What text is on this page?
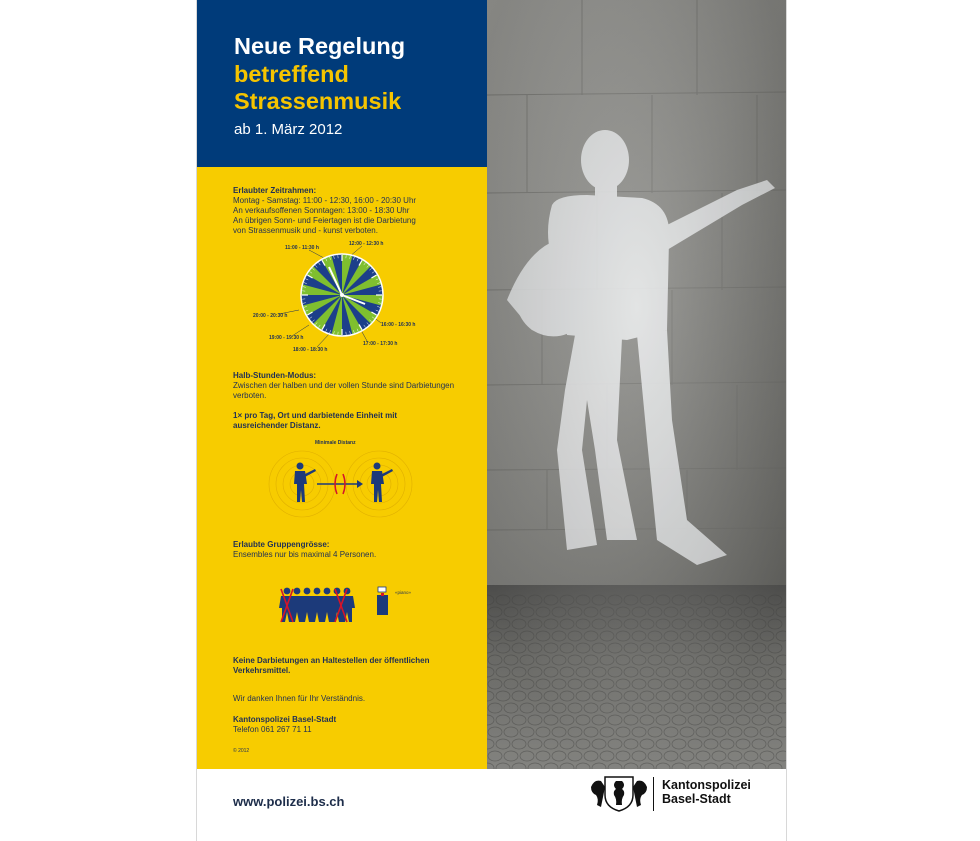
Neue Regelung
betreffend
Strassenmusik
ab 1. März 2012
Erlaubter Zeitrahmen:
Montag - Samstag: 11:00 - 12:30, 16:00 - 20:30 Uhr
An verkaufsoffenen Sonntagen: 13:00 - 18:30 Uhr
An übrigen Sonn- und Feiertagen ist die Darbietung
von Strassenmusik und - kunst verboten.
11:00 - 11:30 h
12:00 - 12:30 h
16:00 - 16:30 h
17:00 - 17:30 h
18:00 - 18:30 h
19:00 - 19:30 h
20:00 - 20:30 h
Halb-Stunden-Modus:
Zwischen der halben und der vollen Stunde sind Darbietungen
verboten.
1× pro Tag, Ort und darbietende Einheit mit
ausreichender Distanz.
Minimale Distanz
Erlaubte Gruppengrösse:
Ensembles nur bis maximal 4 Personen.
«piano»
Keine Darbietungen an Haltestellen der öffentlichen
Verkehrsmittel.
Wir danken Ihnen für Ihr Verständnis.
Kantonspolizei Basel-Stadt
Telefon 061 267 71 11
© 2012
www.polizei.bs.ch
Kantonspolizei
Basel-Stadt
